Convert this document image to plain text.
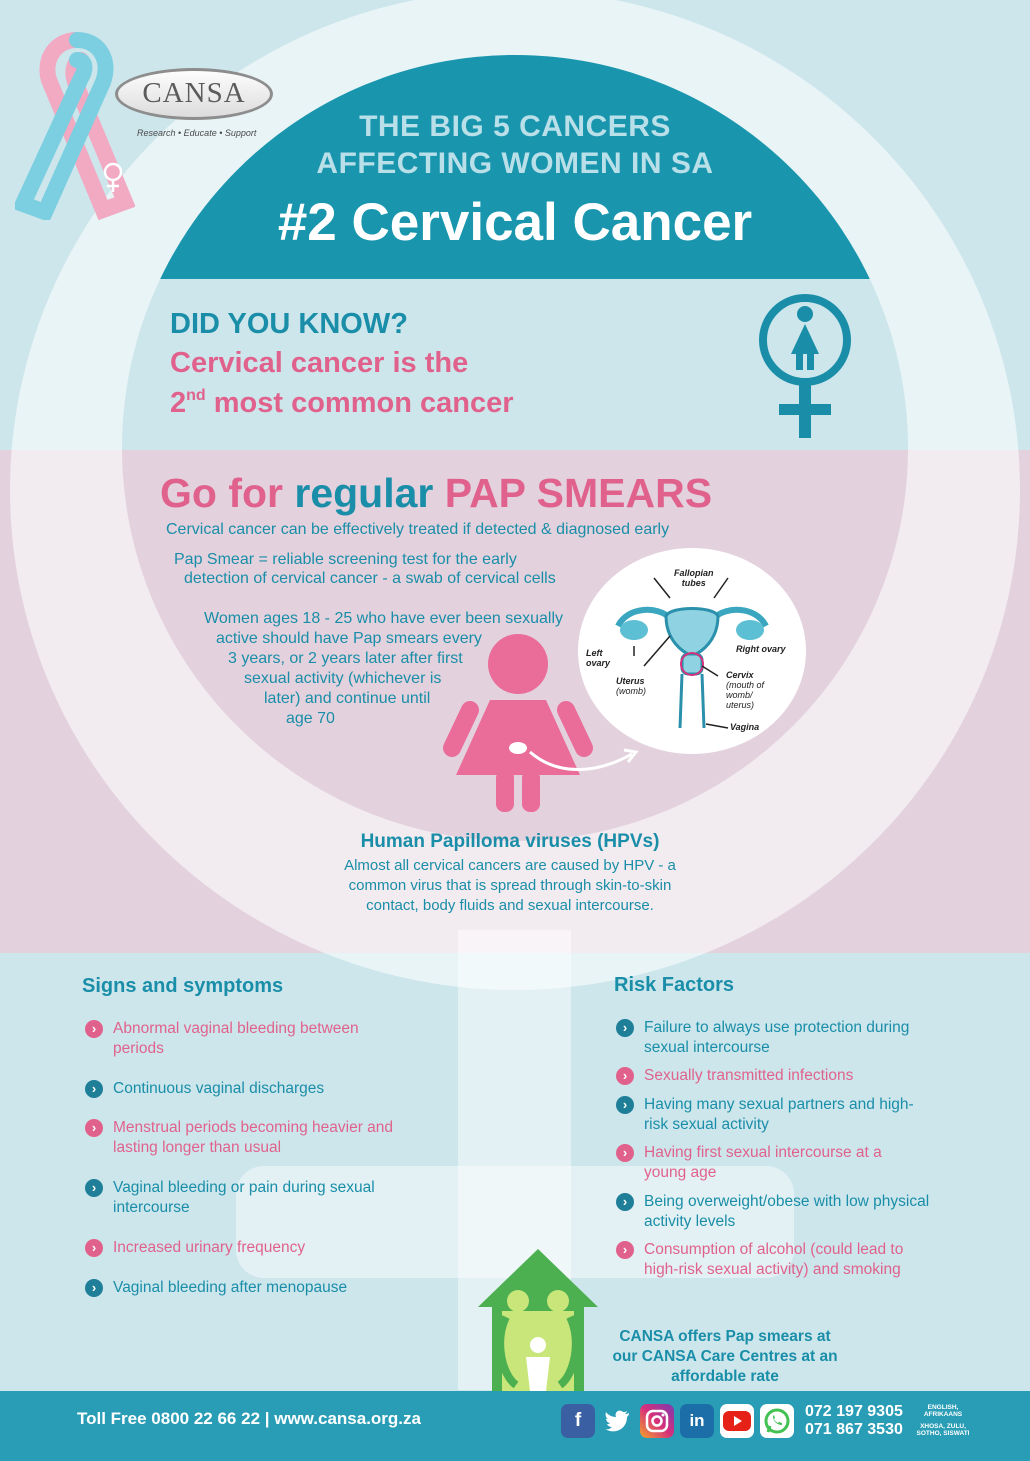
CANSA
Research • Educate • Support	THE BIG 5 CANCERS
AFFECTING WOMEN IN SA
#2 Cervical Cancer
DID YOU KNOW?
Cervical cancer is the
2nd most common cancer
Go for regular PAP SMEARS
Cervical cancer can be effectively treated if detected & diagnosed early
Pap Smear = reliable screening test for the early
detection of cervical cancer - a swab of cervical cells
Women ages 18 - 25 who have ever been sexually
active should have Pap smears every
3 years, or 2 years later after first
sexual activity (whichever is
later) and continue until
age 70
Fallopian
tubes
Left
ovary
Right ovary
Uterus
(womb)
Cervix
(mouth of
womb/
uterus)
Vagina
Human Papilloma viruses (HPVs)
Almost all cervical cancers are caused by HPV - a
common virus that is spread through skin-to-skin
contact, body fluids and sexual intercourse.
Signs and symptoms
›	Abnormal vaginal bleeding between
periods
›	Continuous vaginal discharges
›	Menstrual periods becoming heavier and
lasting longer than usual
›	Vaginal bleeding or pain during sexual
intercourse
›	Increased urinary frequency
›	Vaginal bleeding after menopause
Risk Factors
›	Failure to always use protection during
sexual intercourse
›	Sexually transmitted infections
›	Having many sexual partners and high-
risk sexual activity
›	Having first sexual intercourse at a
young age
›	Being overweight/obese with low physical
activity levels
›	Consumption of alcohol (could lead to
high-risk sexual activity) and smoking
CANSA offers Pap smears at
our CANSA Care Centres at an
affordable rate
Toll Free 0800 22 66 22 | www.cansa.org.za	f	in	072 197 9305	ENGLISH,
AFRIKAANS
071 867 3530	XHOSA, ZULU,
SOTHO, SISWATI
